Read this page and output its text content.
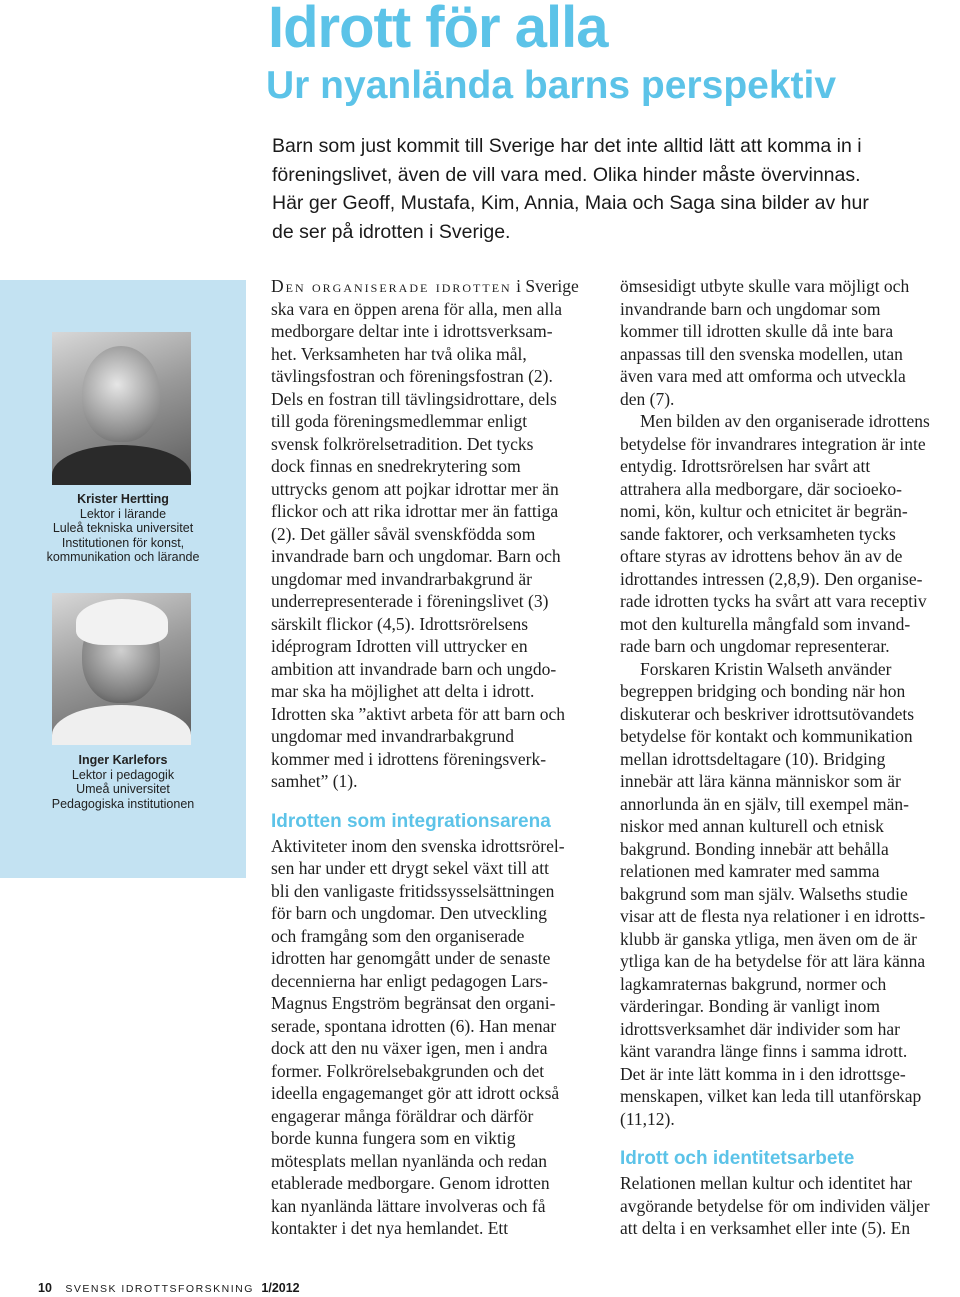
Idrott för alla
Ur nyanlända barns perspektiv
Barn som just kommit till Sverige har det inte alltid lätt att komma in i
föreningslivet, även de vill vara med. Olika hinder måste övervinnas.
Här ger Geoff, Mustafa, Kim, Annia, Maia och Saga sina bilder av hur
de ser på idrotten i Sverige.
Krister Hertting
Lektor i lärande
Luleå tekniska universitet
Institutionen för konst,
kommunikation och lärande
Inger Karlefors
Lektor i pedagogik
Umeå universitet
Pedagogiska institutionen
Den organiserade idrotten i Sverige
ska vara en öppen arena för alla, men alla
medborgare deltar inte i idrottsverksam-
het. Verksamheten har två olika mål,
tävlingsfostran och föreningsfostran (2).
Dels en fostran till tävlingsidrottare, dels
till goda föreningsmedlemmar enligt
svensk folkrörelsetradition. Det tycks
dock finnas en snedrekrytering som
uttrycks genom att pojkar idrottar mer än
flickor och att rika idrottar mer än fattiga
(2). Det gäller såväl svenskfödda som
invandrade barn och ungdomar. Barn och
ungdomar med invandrarbakgrund är
underrepresenterade i föreningslivet (3)
särskilt flickor (4,5). Idrottsrörelsens
idéprogram Idrotten vill uttrycker en
ambition att invandrade barn och ungdo-
mar ska ha möjlighet att delta i idrott.
Idrotten ska ”aktivt arbeta för att barn och
ungdomar med invandrarbakgrund
kommer med i idrottens föreningsverk-
samhet” (1).
Idrotten som integrationsarena
Aktiviteter inom den svenska idrottsrörel-
sen har under ett drygt sekel växt till att
bli den vanligaste fritidssysselsättningen
för barn och ungdomar. Den utveckling
och framgång som den organiserade
idrotten har genomgått under de senaste
decennierna har enligt pedagogen Lars-
Magnus Engström begränsat den organi-
serade, spontana idrotten (6). Han menar
dock att den nu växer igen, men i andra
former. Folkrörelsebakgrunden och det
ideella engagemanget gör att idrott också
engagerar många föräldrar och därför
borde kunna fungera som en viktig
mötesplats mellan nyanlända och redan
etablerade medborgare. Genom idrotten
kan nyanlända lättare involveras och få
kontakter i det nya hemlandet. Ett
ömsesidigt utbyte skulle vara möjligt och
invandrande barn och ungdomar som
kommer till idrotten skulle då inte bara
anpassas till den svenska modellen, utan
även vara med att omforma och utveckla
den (7).
Men bilden av den organiserade idrottens
betydelse för invandrares integration är inte
entydig. Idrottsrörelsen har svårt att
attrahera alla medborgare, där socioeko-
nomi, kön, kultur och etnicitet är begrän-
sande faktorer, och verksamheten tycks
oftare styras av idrottens behov än av de
idrottandes intressen (2,8,9). Den organise-
rade idrotten tycks ha svårt att vara receptiv
mot den kulturella mångfald som invand-
rade barn och ungdomar representerar.
Forskaren Kristin Walseth använder
begreppen bridging och bonding när hon
diskuterar och beskriver idrottsutövandets
betydelse för kontakt och kommunikation
mellan idrottsdeltagare (10). Bridging
innebär att lära känna människor som är
annorlunda än en själv, till exempel män-
niskor med annan kulturell och etnisk
bakgrund. Bonding innebär att behålla
relationen med kamrater med samma
bakgrund som man själv. Walseths studie
visar att de flesta nya relationer i en idrotts-
klubb är ganska ytliga, men även om de är
ytliga kan de ha betydelse för att lära känna
lagkamraternas bakgrund, normer och
värderingar. Bonding är vanligt inom
idrottsverksamhet där individer som har
känt varandra länge finns i samma idrott.
Det är inte lätt komma in i den idrottsge-
menskapen, vilket kan leda till utanförskap
(11,12).
Idrott och identitetsarbete
Relationen mellan kultur och identitet har
avgörande betydelse för om individen väljer
att delta i en verksamhet eller inte (5). En
10 SVENSK IDROTTSFORSKNING 1/2012
